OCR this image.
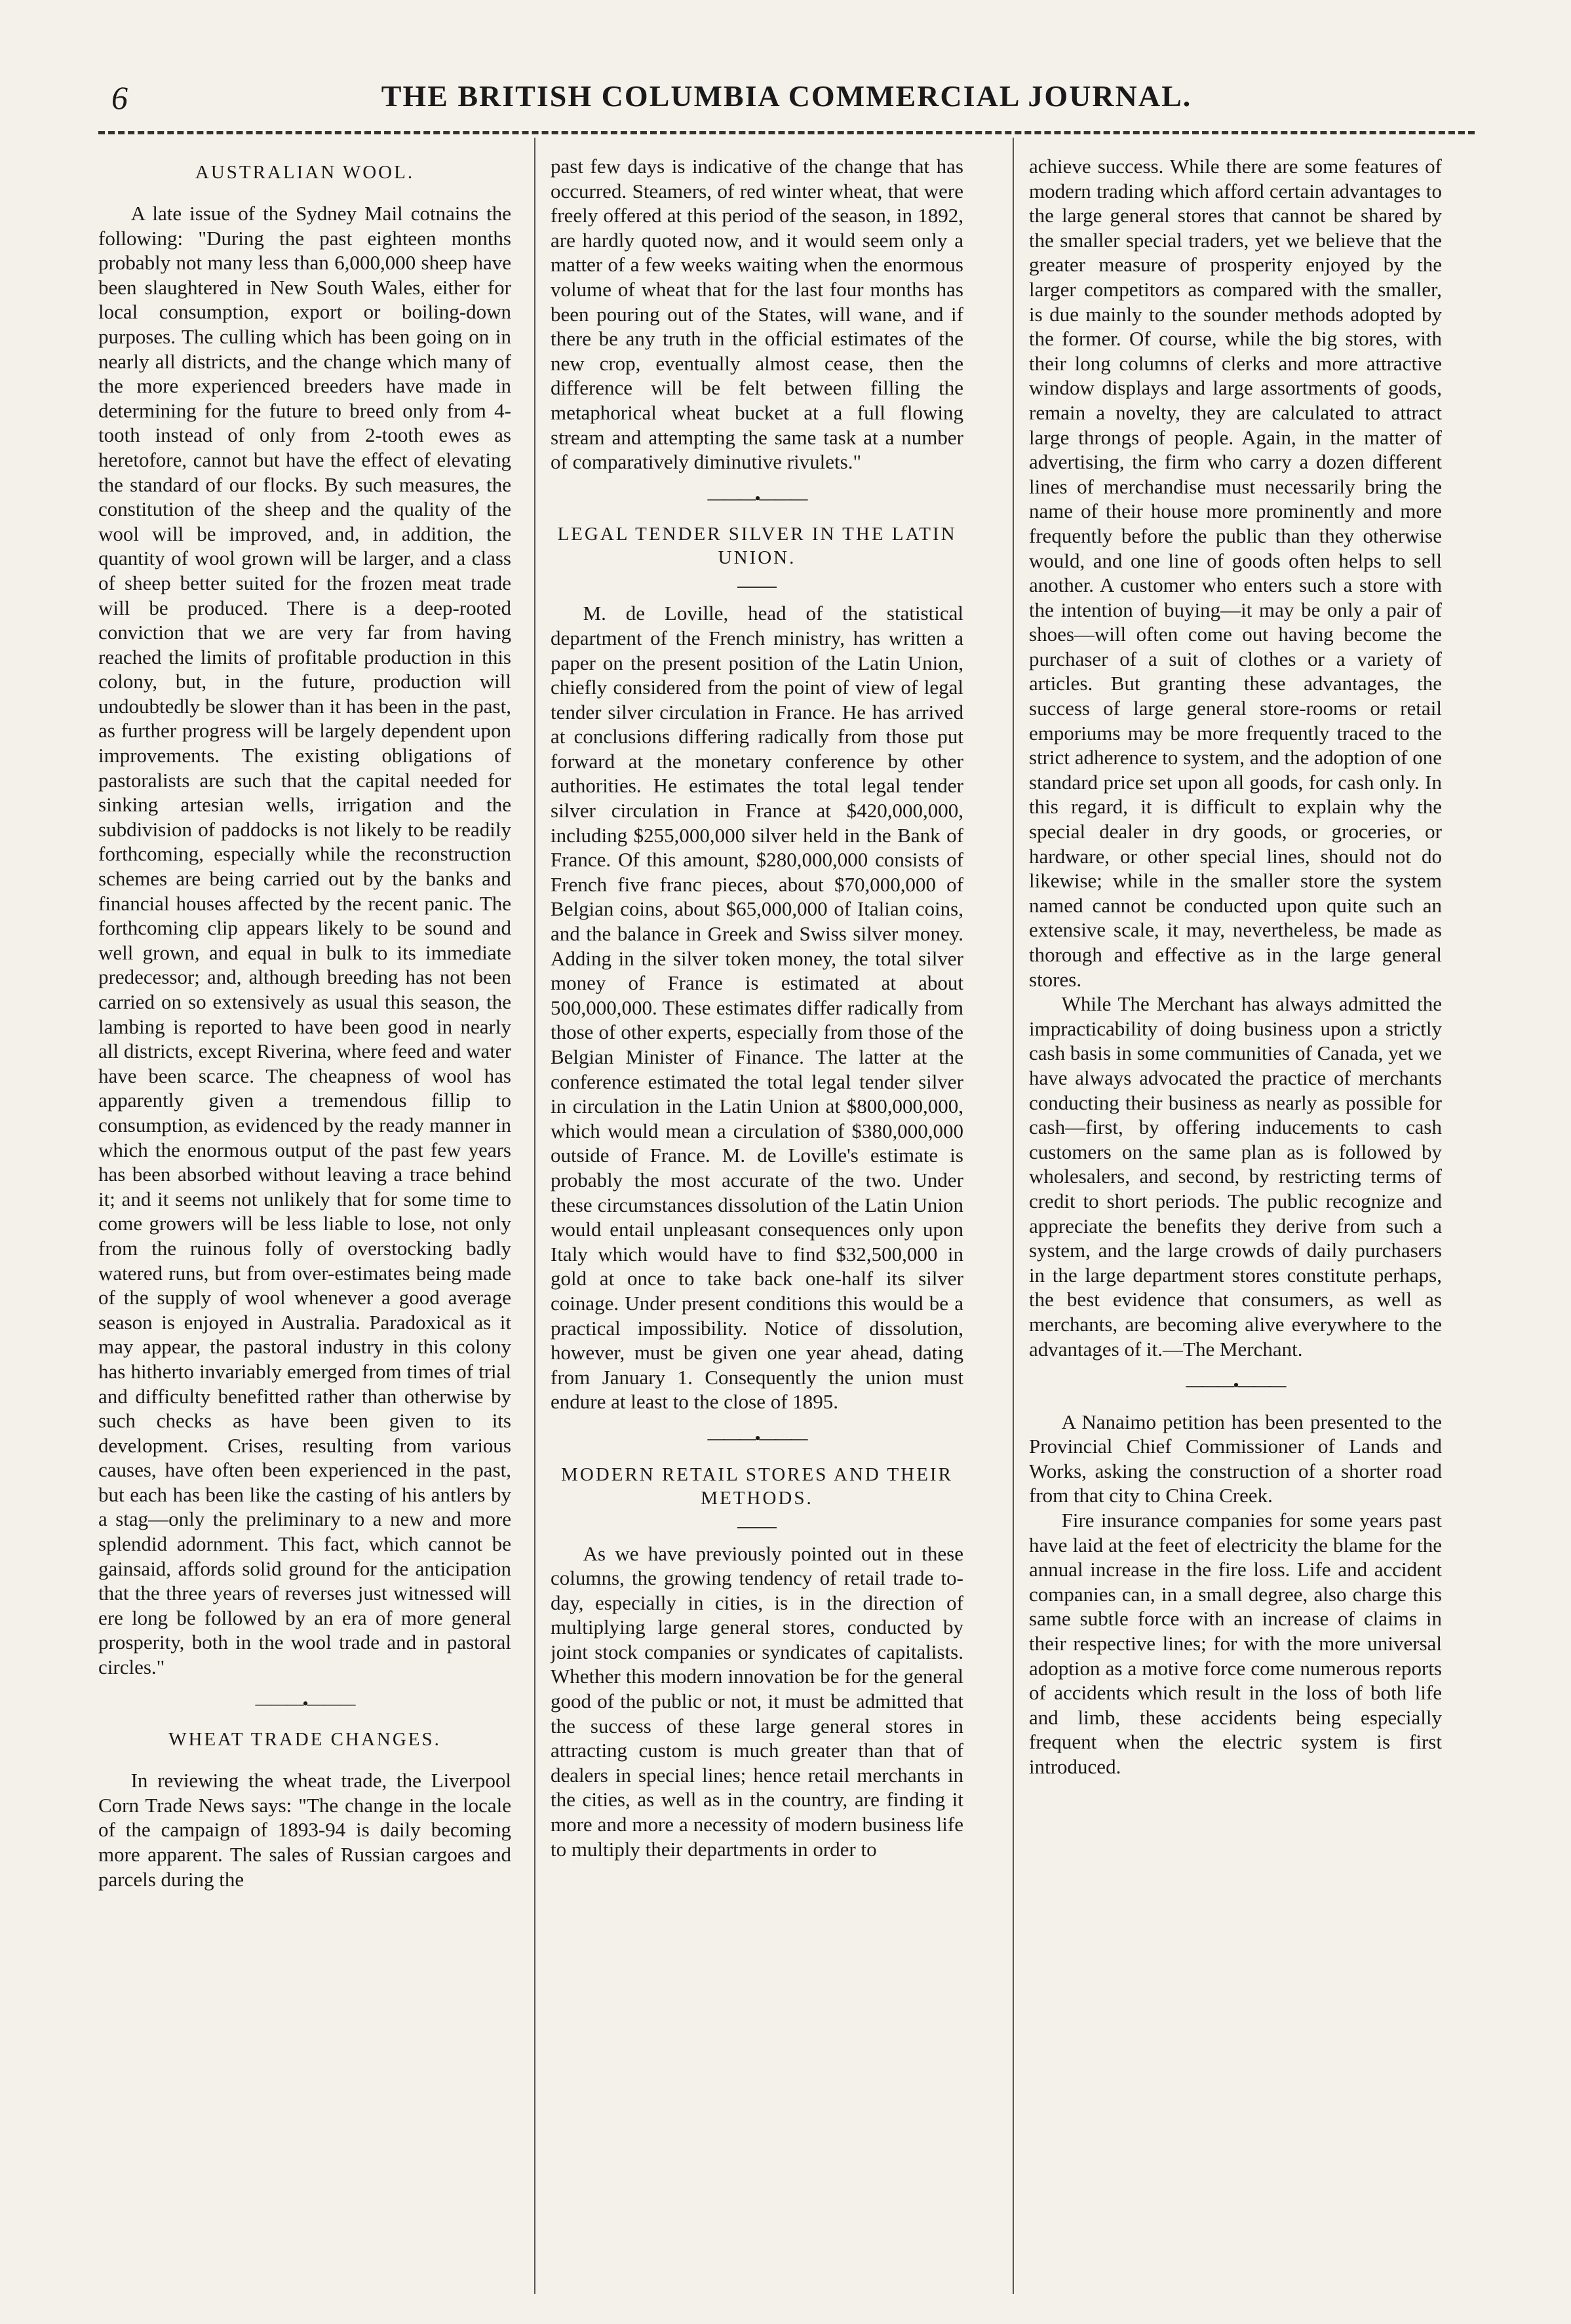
6	THE BRITISH COLUMBIA COMMERCIAL JOURNAL.
AUSTRALIAN WOOL.

A late issue of the Sydney Mail cotnains the following: "During the past eighteen months probably not many less than 6,000,000 sheep have been slaughtered in New South Wales, either for local consumption, export or boiling-down purposes. The culling which has been going on in nearly all districts, and the change which many of the more experienced breeders have made in determining for the future to breed only from 4-tooth instead of only from 2-tooth ewes as heretofore, cannot but have the effect of elevating the standard of our flocks. By such measures, the constitution of the sheep and the quality of the wool will be improved, and, in addition, the quantity of wool grown will be larger, and a class of sheep better suited for the frozen meat trade will be produced. There is a deep-rooted conviction that we are very far from having reached the limits of profitable production in this colony, but, in the future, production will undoubtedly be slower than it has been in the past, as further progress will be largely dependent upon improvements. The existing obligations of pastoralists are such that the capital needed for sinking artesian wells, irrigation and the subdivision of paddocks is not likely to be readily forthcoming, especially while the reconstruction schemes are being carried out by the banks and financial houses affected by the recent panic. The forthcoming clip appears likely to be sound and well grown, and equal in bulk to its immediate predecessor; and, although breeding has not been carried on so extensively as usual this season, the lambing is reported to have been good in nearly all districts, except Riverina, where feed and water have been scarce. The cheapness of wool has apparently given a tremendous fillip to consumption, as evidenced by the ready manner in which the enormous output of the past few years has been absorbed without leaving a trace behind it; and it seems not unlikely that for some time to come growers will be less liable to lose, not only from the ruinous folly of overstocking badly watered runs, but from over-estimates being made of the supply of wool whenever a good average season is enjoyed in Australia. Paradoxical as it may appear, the pastoral industry in this colony has hitherto invariably emerged from times of trial and difficulty benefitted rather than otherwise by such checks as have been given to its development. Crises, resulting from various causes, have often been experienced in the past, but each has been like the casting of his antlers by a stag—only the preliminary to a new and more splendid adornment. This fact, which cannot be gainsaid, affords solid ground for the anticipation that the three years of reverses just witnessed will ere long be followed by an era of more general prosperity, both in the wool trade and in pastoral circles."

———•———
WHEAT TRADE CHANGES.

In reviewing the wheat trade, the Liverpool Corn Trade News says: "The change in the locale of the campaign of 1893-94 is daily becoming more apparent. The sales of Russian cargoes and parcels during the

past few days is indicative of the change that has occurred. Steamers, of red winter wheat, that were freely offered at this period of the season, in 1892, are hardly quoted now, and it would seem only a matter of a few weeks waiting when the enormous volume of wheat that for the last four months has been pouring out of the States, will wane, and if there be any truth in the official estimates of the new crop, eventually almost cease, then the difference will be felt between filling the metaphorical wheat bucket at a full flowing stream and attempting the same task at a number of comparatively diminutive rivulets."

———•———
LEGAL TENDER SILVER IN THE LATIN UNION.

M. de Loville, head of the statistical department of the French ministry, has written a paper on the present position of the Latin Union, chiefly considered from the point of view of legal tender silver circulation in France. He has arrived at conclusions differing radically from those put forward at the monetary conference by other authorities. He estimates the total legal tender silver circulation in France at $420,000,000, including $255,000,000 silver held in the Bank of France. Of this amount, $280,000,000 consists of French five franc pieces, about $70,000,000 of Belgian coins, about $65,000,000 of Italian coins, and the balance in Greek and Swiss silver money. Adding in the silver token money, the total silver money of France is estimated at about 500,000,000. These estimates differ radically from those of other experts, especially from those of the Belgian Minister of Finance. The latter at the conference estimated the total legal tender silver in circulation in the Latin Union at $800,000,000, which would mean a circulation of $380,000,000 outside of France. M. de Loville's estimate is probably the most accurate of the two. Under these circumstances dissolution of the Latin Union would entail unpleasant consequences only upon Italy which would have to find $32,500,000 in gold at once to take back one-half its silver coinage. Under present conditions this would be a practical impossibility. Notice of dissolution, however, must be given one year ahead, dating from January 1. Consequently the union must endure at least to the close of 1895.

———•———
MODERN RETAIL STORES AND THEIR METHODS.

As we have previously pointed out in these columns, the growing tendency of retail trade to-day, especially in cities, is in the direction of multiplying large general stores, conducted by joint stock companies or syndicates of capitalists. Whether this modern innovation be for the general good of the public or not, it must be admitted that the success of these large general stores in attracting custom is much greater than that of dealers in special lines; hence retail merchants in the cities, as well as in the country, are finding it more and more a necessity of modern business life to multiply their departments in order to

achieve success. While there are some features of modern trading which afford certain advantages to the large general stores that cannot be shared by the smaller special traders, yet we believe that the greater measure of prosperity enjoyed by the larger competitors as compared with the smaller, is due mainly to the sounder methods adopted by the former. Of course, while the big stores, with their long columns of clerks and more attractive window displays and large assortments of goods, remain a novelty, they are calculated to attract large throngs of people. Again, in the matter of advertising, the firm who carry a dozen different lines of merchandise must necessarily bring the name of their house more prominently and more frequently before the public than they otherwise would, and one line of goods often helps to sell another. A customer who enters such a store with the intention of buying—it may be only a pair of shoes—will often come out having become the purchaser of a suit of clothes or a variety of articles. But granting these advantages, the success of large general store-rooms or retail emporiums may be more frequently traced to the strict adherence to system, and the adoption of one standard price set upon all goods, for cash only. In this regard, it is difficult to explain why the special dealer in dry goods, or groceries, or hardware, or other special lines, should not do likewise; while in the smaller store the system named cannot be conducted upon quite such an extensive scale, it may, nevertheless, be made as thorough and effective as in the large general stores.

While The Merchant has always admitted the impracticability of doing business upon a strictly cash basis in some communities of Canada, yet we have always advocated the practice of merchants conducting their business as nearly as possible for cash—first, by offering inducements to cash customers on the same plan as is followed by wholesalers, and second, by restricting terms of credit to short periods. The public recognize and appreciate the benefits they derive from such a system, and the large crowds of daily purchasers in the large department stores constitute perhaps, the best evidence that consumers, as well as merchants, are becoming alive everywhere to the advantages of it.—The Merchant.

———•———

A Nanaimo petition has been presented to the Provincial Chief Commissioner of Lands and Works, asking the construction of a shorter road from that city to China Creek.

Fire insurance companies for some years past have laid at the feet of electricity the blame for the annual increase in the fire loss. Life and accident companies can, in a small degree, also charge this same subtle force with an increase of claims in their respective lines; for with the more universal adoption as a motive force come numerous reports of accidents which result in the loss of both life and limb, these accidents being especially frequent when the electric system is first introduced.
